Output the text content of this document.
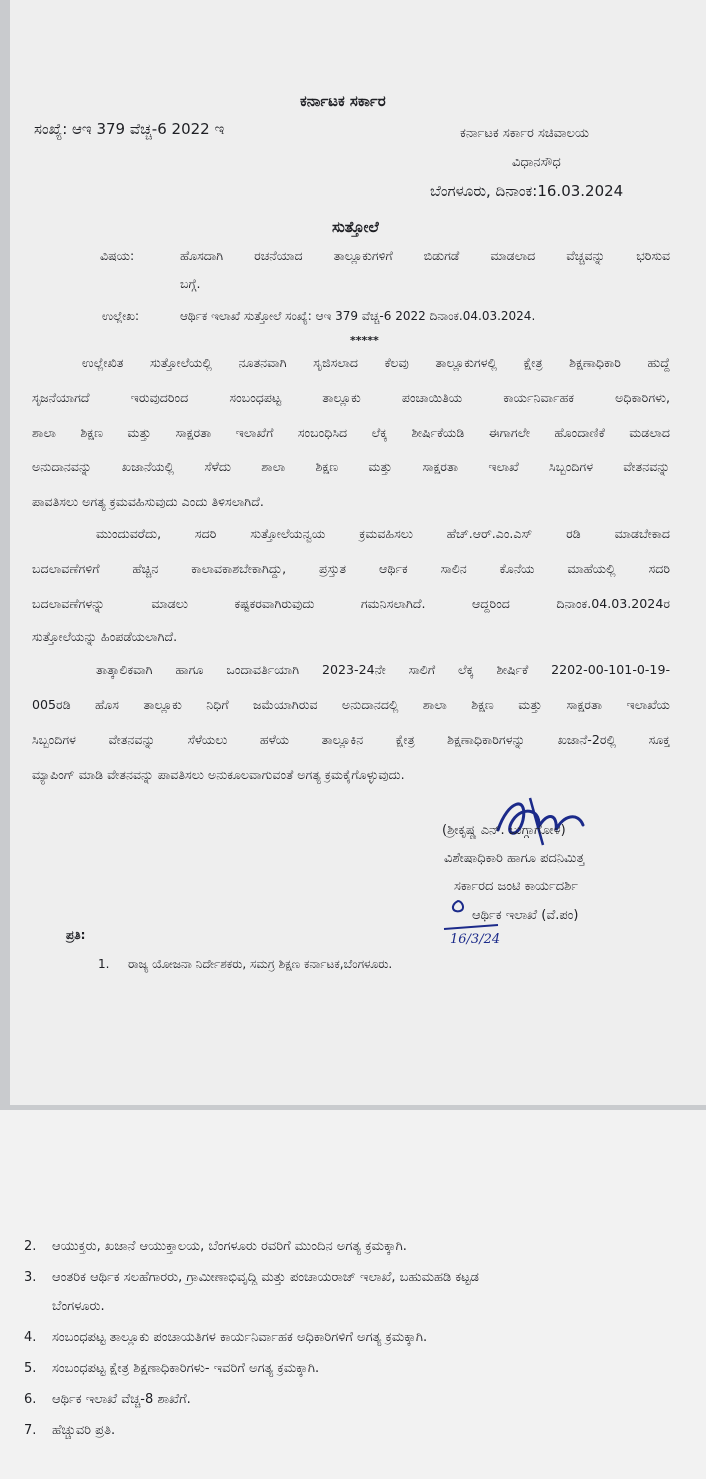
ಕರ್ನಾಟಕ ಸರ್ಕಾರ
ಸಂಖ್ಯೆ: ಆಇ 379 ವೆಚ್ಚ-6 2022 ಇ	ಕರ್ನಾಟಕ ಸರ್ಕಾರ ಸಚಿವಾಲಯ
ವಿಧಾನಸೌಧ
ಬೆಂಗಳೂರು, ದಿನಾಂಕ:16.03.2024
ಸುತ್ತೋಲೆ
ವಿಷಯ:	ಹೊಸದಾಗಿ ರಚನೆಯಾದ ತಾಲ್ಲೂಕುಗಳಿಗೆ ಬಿಡುಗಡೆ ಮಾಡಲಾದ ವೆಚ್ಚವನ್ನು ಭರಿಸುವ
ಬಗ್ಗೆ.
ಉಲ್ಲೇಖ:	ಆರ್ಥಿಕ ಇಲಾಖೆ ಸುತ್ತೋಲೆ ಸಂಖ್ಯೆ: ಆಇ 379 ವೆಚ್ಚ-6 2022 ದಿನಾಂಕ.04.03.2024.
*****
ಉಲ್ಲೇಖಿತ ಸುತ್ತೋಲೆಯಲ್ಲಿ ನೂತನವಾಗಿ ಸೃಜಿಸಲಾದ ಕೆಲವು ತಾಲ್ಲೂಕುಗಳಲ್ಲಿ ಕ್ಷೇತ್ರ ಶಿಕ್ಷಣಾಧಿಕಾರಿ ಹುದ್ದೆ
ಸೃಜನೆಯಾಗದೆ ಇರುವುದರಿಂದ ಸಂಬಂಧಪಟ್ಟ ತಾಲ್ಲೂಕು ಪಂಚಾಯಿತಿಯ ಕಾರ್ಯನಿರ್ವಾಹಕ ಅಧಿಕಾರಿಗಳು,
ಶಾಲಾ ಶಿಕ್ಷಣ ಮತ್ತು ಸಾಕ್ಷರತಾ ಇಲಾಖೆಗೆ ಸಂಬಂಧಿಸಿದ ಲೆಕ್ಕ ಶೀರ್ಷಿಕೆಯಡಿ ಈಗಾಗಲೇ ಹೊಂದಾಣಿಕೆ ಮಡಲಾದ
ಅನುದಾನವನ್ನು ಖಜಾನೆಯಲ್ಲಿ ಸೆಳೆದು ಶಾಲಾ ಶಿಕ್ಷಣ ಮತ್ತು ಸಾಕ್ಷರತಾ ಇಲಾಖೆ ಸಿಬ್ಬಂದಿಗಳ ವೇತನವನ್ನು
ಪಾವತಿಸಲು ಅಗತ್ಯ ಕ್ರಮವಹಿಸುವುದು ಎಂದು ತಿಳಿಸಲಾಗಿದೆ.
ಮುಂದುವರೆದು, ಸದರಿ ಸುತ್ತೋಲೆಯನ್ವಯ ಕ್ರಮವಹಿಸಲು ಹೆಚ್.ಆರ್.ಎಂ.ಎಸ್ ರಡಿ ಮಾಡಬೇಕಾದ
ಬದಲಾವಣೆಗಳಿಗೆ ಹೆಚ್ಚಿನ ಕಾಲಾವಕಾಶಬೇಕಾಗಿದ್ದು, ಪ್ರಸ್ತುತ ಆರ್ಥಿಕ ಸಾಲಿನ ಕೊನೆಯ ಮಾಹೆಯಲ್ಲಿ ಸದರಿ
ಬದಲಾವಣೆಗಳನ್ನು ಮಾಡಲು ಕಷ್ಟಕರವಾಗಿರುವುದು ಗಮನಿಸಲಾಗಿದೆ. ಆದ್ದರಿಂದ ದಿನಾಂಕ.04.03.2024ರ
ಸುತ್ತೋಲೆಯನ್ನು ಹಿಂಪಡೆಯಲಾಗಿದೆ.
ತಾತ್ಕಾಲಿಕವಾಗಿ ಹಾಗೂ ಒಂದಾವರ್ತಿಯಾಗಿ 2023-24ನೇ ಸಾಲಿಗೆ ಲೆಕ್ಕ ಶೀರ್ಷಿಕೆ 2202-00-101-0-19-
005ರಡಿ ಹೊಸ ತಾಲ್ಲೂಕು ನಿಧಿಗೆ ಜಮೆಯಾಗಿರುವ ಅನುದಾನದಲ್ಲಿ ಶಾಲಾ ಶಿಕ್ಷಣ ಮತ್ತು ಸಾಕ್ಷರತಾ ಇಲಾಖೆಯ
ಸಿಬ್ಬಂದಿಗಳ ವೇತನವನ್ನು ಸೆಳೆಯಲು ಹಳೆಯ ತಾಲ್ಲೂಕಿನ ಕ್ಷೇತ್ರ ಶಿಕ್ಷಣಾಧಿಕಾರಿಗಳನ್ನು ಖಜಾನೆ-2ರಲ್ಲಿ ಸೂಕ್ತ
ಮ್ಯಾಪಿಂಗ್ ಮಾಡಿ ವೇತನವನ್ನು ಪಾವತಿಸಲು ಅನುಕೂಲವಾಗುವಂತೆ ಅಗತ್ಯ ಕ್ರಮಕೈಗೊಳ್ಳುವುದು.
(ಶ್ರೀಕೃಷ್ಣ ಎನ್. ಬುಗ್ಗಾಗೋಳ)
ವಿಶೇಷಾಧಿಕಾರಿ ಹಾಗೂ ಪದನಿಮಿತ್ತ
ಸರ್ಕಾರದ ಜಂಟಿ ಕಾರ್ಯದರ್ಶಿ
ಆರ್ಥಿಕ ಇಲಾಖೆ (ವೆ.ಪಂ)
16/3/24
ಪ್ರತಿ:
1. ರಾಜ್ಯ ಯೋಜನಾ ನಿರ್ದೇಶಕರು, ಸಮಗ್ರ ಶಿಕ್ಷಣ ಕರ್ನಾಟಕ,ಬೆಂಗಳೂರು.
2. ಆಯುಕ್ತರು, ಖಜಾನೆ ಆಯುಕ್ತಾಲಯ, ಬೆಂಗಳೂರು ರವರಿಗೆ ಮುಂದಿನ ಅಗತ್ಯ ಕ್ರಮಕ್ಕಾಗಿ.
3. ಆಂತರಿಕ ಆರ್ಥಿಕ ಸಲಹೆಗಾರರು, ಗ್ರಾಮೀಣಾಭಿವೃದ್ಧಿ ಮತ್ತು ಪಂಚಾಯರಾಜ್ ಇಲಾಖೆ, ಬಹುಮಹಡಿ ಕಟ್ಟಡ
ಬೆಂಗಳೂರು.
4. ಸಂಬಂಧಪಟ್ಟ ತಾಲ್ಲೂಕು ಪಂಚಾಯತಿಗಳ ಕಾರ್ಯನಿರ್ವಾಹಕ ಅಧಿಕಾರಿಗಳಿಗೆ ಅಗತ್ಯ ಕ್ರಮಕ್ಕಾಗಿ.
5. ಸಂಬಂಧಪಟ್ಟ ಕ್ಷೇತ್ರ ಶಿಕ್ಷಣಾಧಿಕಾರಿಗಳು- ಇವರಿಗೆ ಅಗತ್ಯ ಕ್ರಮಕ್ಕಾಗಿ.
6. ಆರ್ಥಿಕ ಇಲಾಖೆ ವೆಚ್ಚ-8 ಶಾಖೆಗೆ.
7. ಹೆಚ್ಚುವರಿ ಪ್ರತಿ.
